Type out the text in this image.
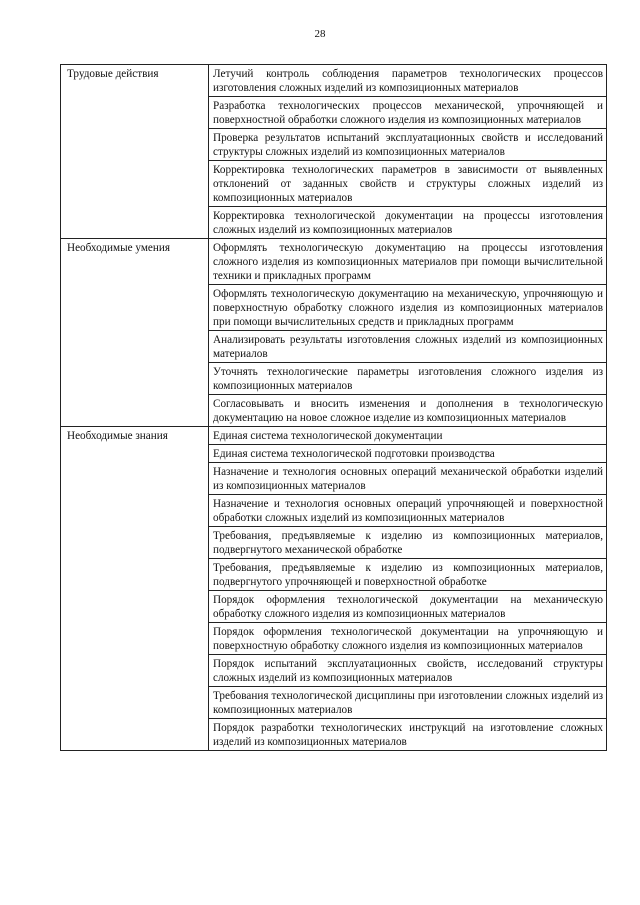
28
Трудовые действия	Летучий контроль соблюдения параметров технологических процессов изготовления сложных изделий из композиционных материалов
	Разработка технологических процессов механической, упрочняющей и поверхностной обработки сложного изделия из композиционных материалов
	Проверка результатов испытаний эксплуатационных свойств и исследований структуры сложных изделий из композиционных материалов
	Корректировка технологических параметров в зависимости от выявленных отклонений от заданных свойств и структуры сложных изделий из композиционных материалов
	Корректировка технологической документации на процессы изготовления сложных изделий из композиционных материалов
Необходимые умения	Оформлять технологическую документацию на процессы изготовления сложного изделия из композиционных материалов при помощи вычислительной техники и прикладных программ
	Оформлять технологическую документацию на механическую, упрочняющую и поверхностную обработку сложного изделия из композиционных материалов при помощи вычислительных средств и прикладных программ
	Анализировать результаты изготовления сложных изделий из композиционных материалов
	Уточнять технологические параметры изготовления сложного изделия из композиционных материалов
	Согласовывать и вносить изменения и дополнения в технологическую документацию на новое сложное изделие из композиционных материалов
Необходимые знания	Единая система технологической документации
	Единая система технологической подготовки производства
	Назначение и технология основных операций механической обработки изделий из композиционных материалов
	Назначение и технология основных операций упрочняющей и поверхностной обработки сложных изделий из композиционных материалов
	Требования, предъявляемые к изделию из композиционных материалов, подвергнутого механической обработке
	Требования, предъявляемые к изделию из композиционных материалов, подвергнутого упрочняющей и поверхностной обработке
	Порядок оформления технологической документации на механическую обработку сложного изделия из композиционных материалов
	Порядок оформления технологической документации на упрочняющую и поверхностную обработку сложного изделия из композиционных материалов
	Порядок испытаний эксплуатационных свойств, исследований структуры сложных изделий из композиционных материалов
	Требования технологической дисциплины при изготовлении сложных изделий из композиционных материалов
	Порядок разработки технологических инструкций на изготовление сложных изделий из композиционных материалов
